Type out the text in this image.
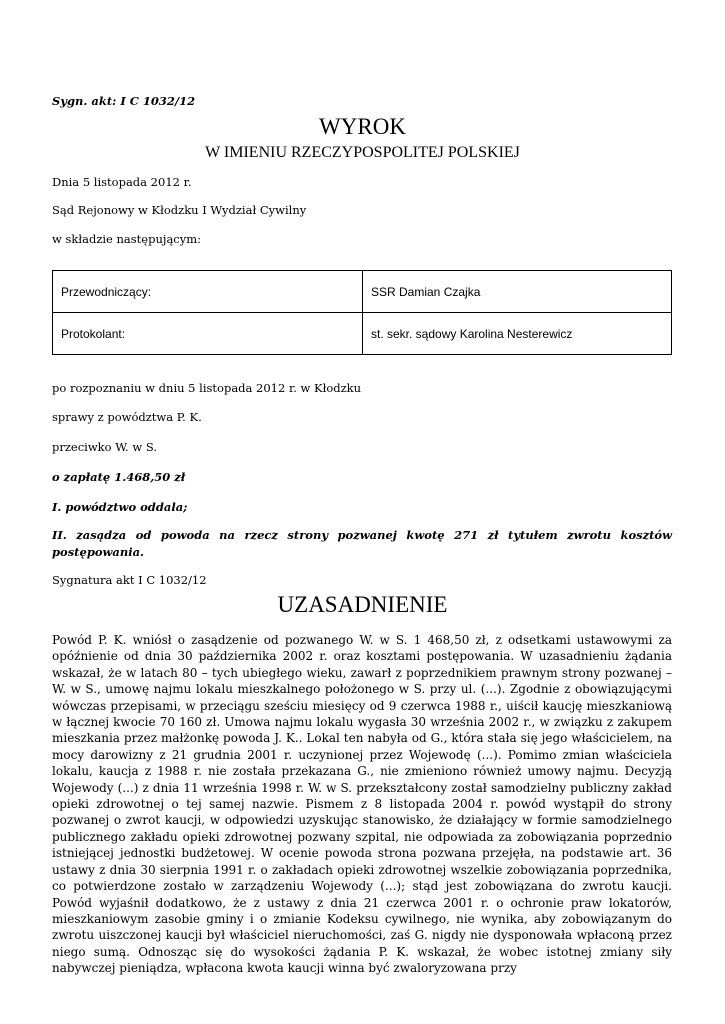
Sygn. akt: I C 1032/12
WYROK
W IMIENIU RZECZYPOSPOLITEJ POLSKIEJ
Dnia 5 listopada 2012 r.
Sąd Rejonowy w Kłodzku I Wydział Cywilny
w składzie następującym:
Przewodniczący:	SSR Damian Czajka
Protokolant:	st. sekr. sądowy Karolina Nesterewicz
po rozpoznaniu w dniu 5 listopada 2012 r. w Kłodzku
sprawy z powództwa P. K.
przeciwko W. w S.
o zapłatę 1.468,50 zł
I. powództwo oddala;
II. zasądza od powoda na rzecz strony pozwanej kwotę 271 zł tytułem zwrotu kosztów postępowania.
Sygnatura akt I C 1032/12
UZASADNIENIE
Powód P. K. wniósł o zasądzenie od pozwanego W. w S. 1 468,50 zł, z odsetkami ustawowymi za opóźnienie od dnia 30 października 2002 r. oraz kosztami postępowania. W uzasadnieniu żądania wskazał, że w latach 80 – tych ubiegłego wieku, zawarł z poprzednikiem prawnym strony pozwanej – W. w S., umowę najmu lokalu mieszkalnego położonego w S. przy ul. (...). Zgodnie z obowiązującymi wówczas przepisami, w przeciągu sześciu miesięcy od 9 czerwca 1988 r., uiścił kaucję mieszkaniową w łącznej kwocie 70 160 zł. Umowa najmu lokalu wygasła 30 września 2002 r., w związku z zakupem mieszkania przez małżonkę powoda J. K.. Lokal ten nabyła od G., która stała się jego właścicielem, na mocy darowizny z 21 grudnia 2001 r. uczynionej przez Wojewodę (...). Pomimo zmian właściciela lokalu, kaucja z 1988 r. nie została przekazana G., nie zmieniono również umowy najmu. Decyzją Wojewody (...) z dnia 11 września 1998 r. W. w S. przekształcony został samodzielny publiczny zakład opieki zdrowotnej o tej samej nazwie. Pismem z 8 listopada 2004 r. powód wystąpił do strony pozwanej o zwrot kaucji, w odpowiedzi uzyskując stanowisko, że działający w formie samodzielnego publicznego zakładu opieki zdrowotnej pozwany szpital, nie odpowiada za zobowiązania poprzednio istniejącej jednostki budżetowej. W ocenie powoda strona pozwana przejęła, na podstawie art. 36 ustawy z dnia 30 sierpnia 1991 r. o zakładach opieki zdrowotnej wszelkie zobowiązania poprzednika, co potwierdzone zostało w zarządzeniu Wojewody (...); stąd jest zobowiązana do zwrotu kaucji. Powód wyjaśnił dodatkowo, że z ustawy z dnia 21 czerwca 2001 r. o ochronie praw lokatorów, mieszkaniowym zasobie gminy i o zmianie Kodeksu cywilnego, nie wynika, aby zobowiązanym do zwrotu uiszczonej kaucji był właściciel nieruchomości, zaś G. nigdy nie dysponowała wpłaconą przez niego sumą. Odnosząc się do wysokości żądania P. K. wskazał, że wobec istotnej zmiany siły nabywczej pieniądza, wpłacona kwota kaucji winna być zwaloryzowana przy
